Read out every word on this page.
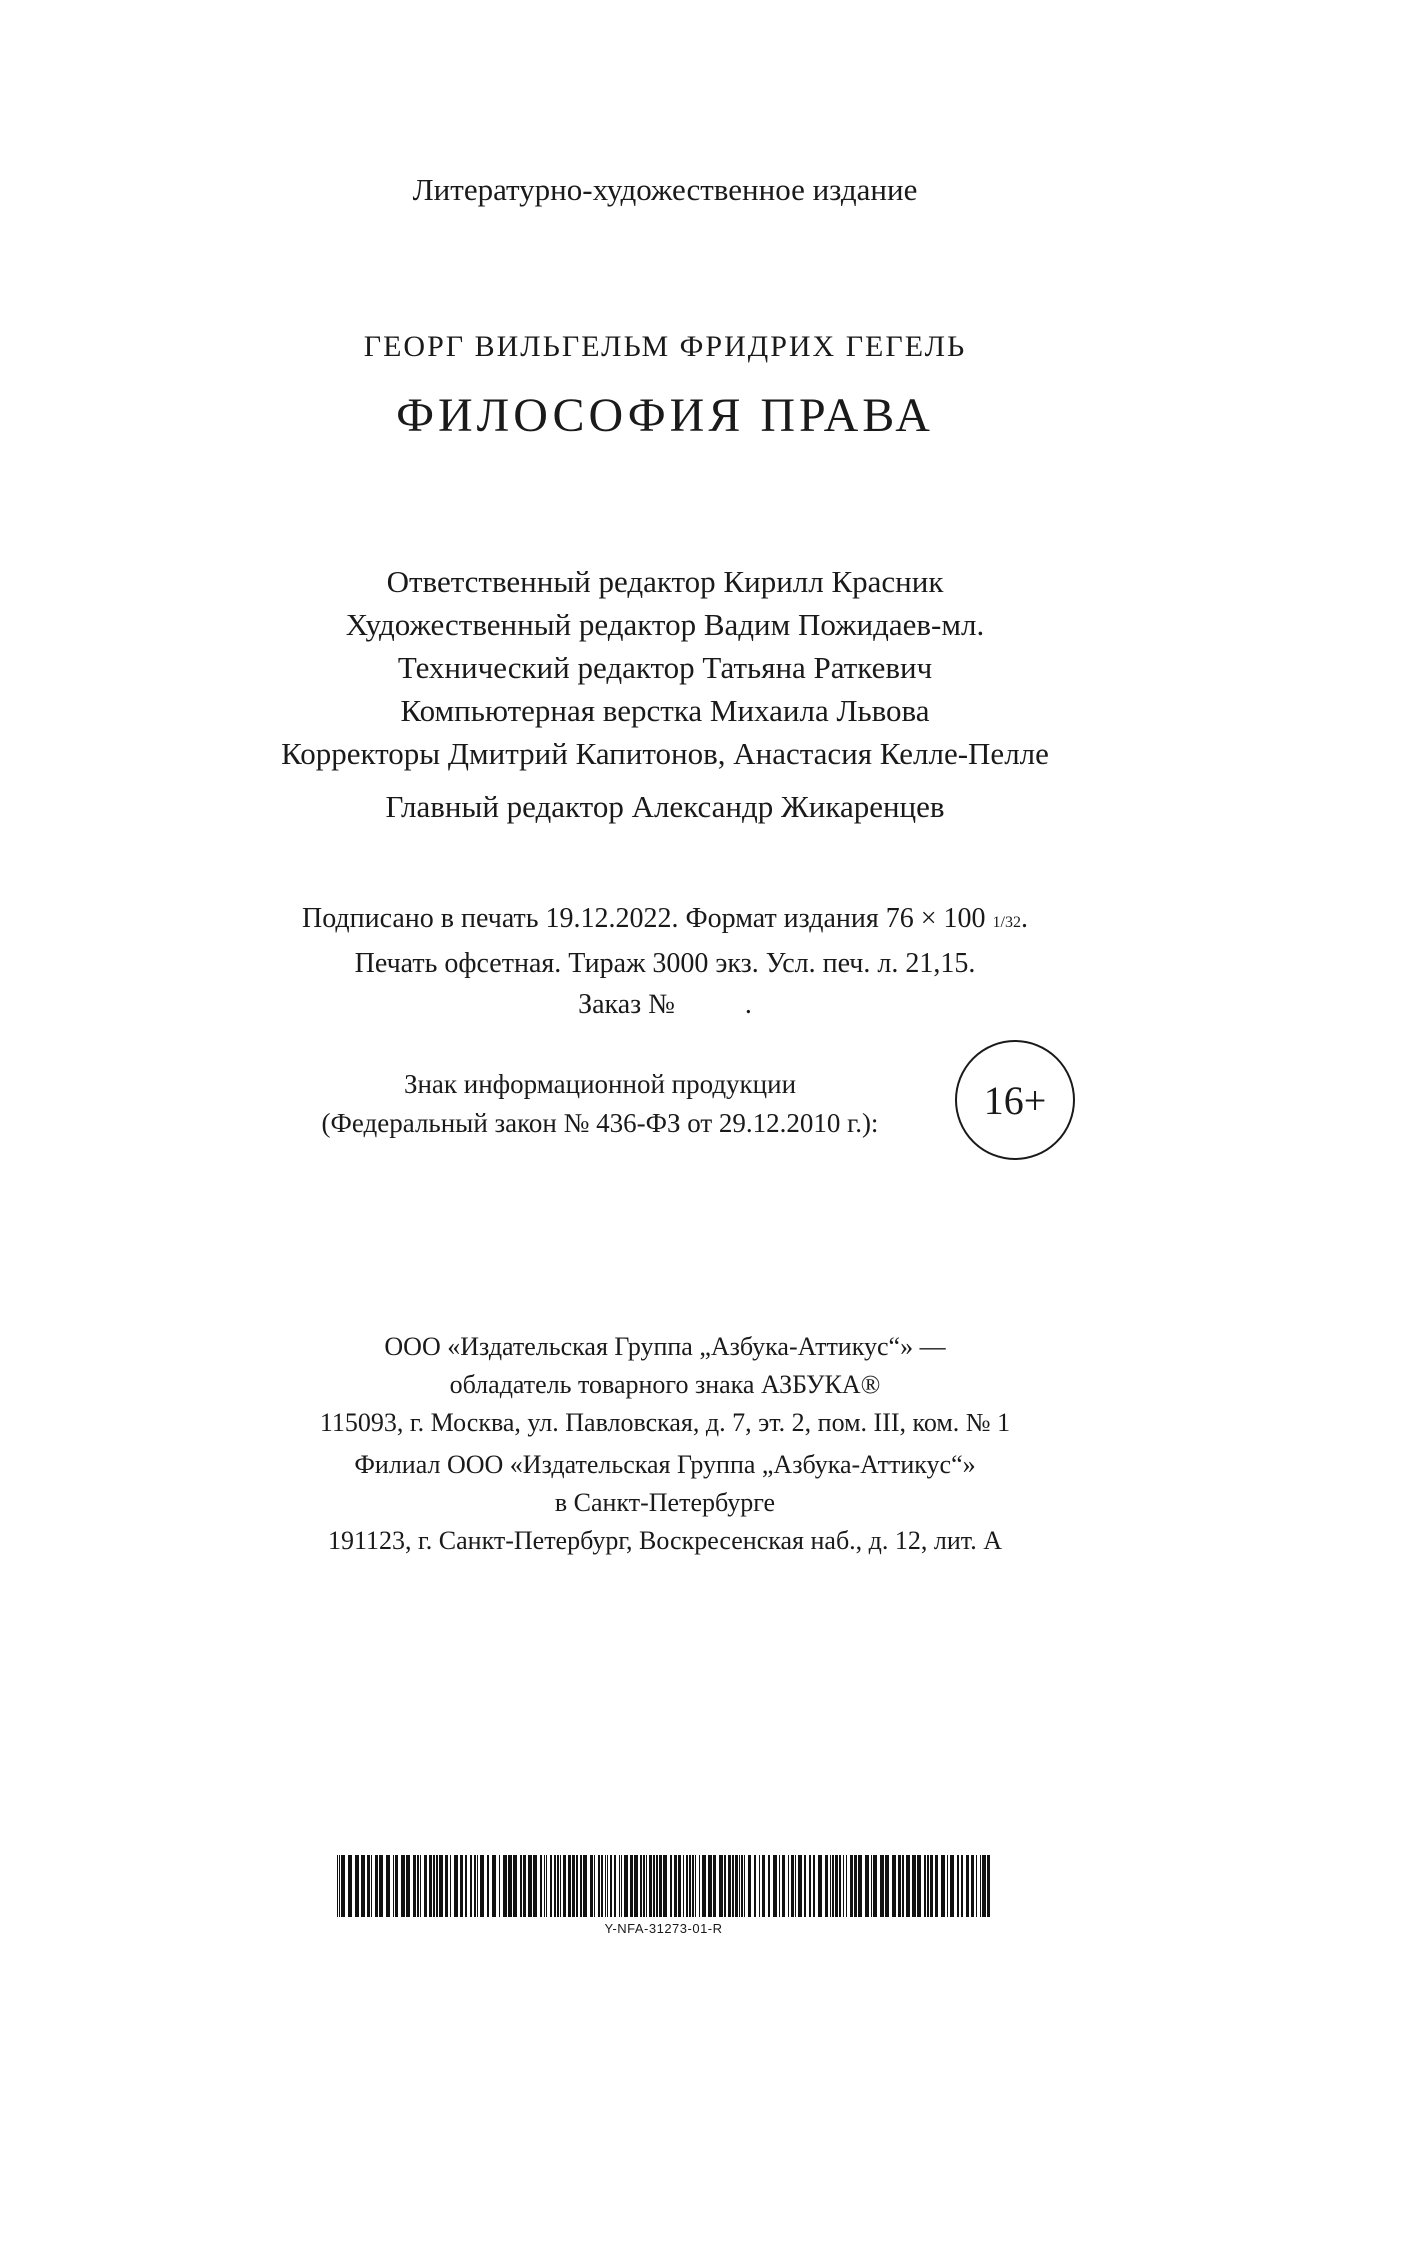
Литературно-художественное издание
ГЕОРГ ВИЛЬГЕЛЬМ ФРИДРИХ ГЕГЕЛЬ
ФИЛОСОФИЯ ПРАВА
Ответственный редактор Кирилл Красник
Художественный редактор Вадим Пожидаев-мл.
Технический редактор Татьяна Раткевич
Компьютерная верстка Михаила Львова
Корректоры Дмитрий Капитонов, Анастасия Келле-Пелле
Главный редактор Александр Жикаренцев
Подписано в печать 19.12.2022. Формат издания 76 × 100 1/32.
Печать офсетная. Тираж 3000 экз. Усл. печ. л. 21,15.
Заказ №          .
Знак информационной продукции
(Федеральный закон № 436-ФЗ от 29.12.2010 г.):
16+
ООО «Издательская Группа „Азбука-Аттикус“» —
обладатель товарного знака АЗБУКА®
115093, г. Москва, ул. Павловская, д. 7, эт. 2, пом. III, ком. № 1
Филиал ООО «Издательская Группа „Азбука-Аттикус“»
в Санкт-Петербурге
191123, г. Санкт-Петербург, Воскресенская наб., д. 12, лит. А
Y-NFA-31273-01-R
